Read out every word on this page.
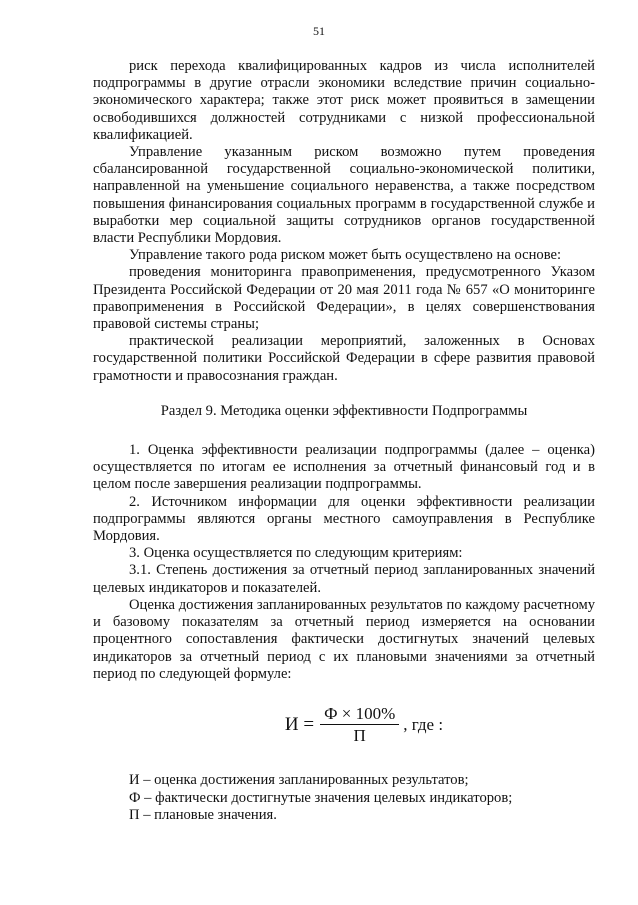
51

риск перехода квалифицированных кадров из числа исполнителей подпрограммы в другие отрасли экономики вследствие причин социально-экономического характера; также этот риск может проявиться в замещении освободившихся должностей сотрудниками с низкой профессиональной квалификацией.

Управление указанным риском возможно путем проведения сбалансированной государственной социально-экономической политики, направленной на уменьшение социального неравенства, а также посредством повышения финансирования социальных программ в государственной службе и выработки мер социальной защиты сотрудников органов государственной власти Республики Мордовия.

Управление такого рода риском может быть осуществлено на основе:

проведения мониторинга правоприменения, предусмотренного Указом Президента Российской Федерации от 20 мая 2011 года № 657 «О мониторинге правоприменения в Российской Федерации», в целях совершенствования правовой системы страны;

практической реализации мероприятий, заложенных в Основах государственной политики Российской Федерации в сфере развития правовой грамотности и правосознания граждан.

Раздел 9. Методика оценки эффективности Подпрограммы

1. Оценка эффективности реализации подпрограммы (далее – оценка) осуществляется по итогам ее исполнения за отчетный финансовый год и в целом после завершения реализации подпрограммы.

2. Источником информации для оценки эффективности реализации подпрограммы являются органы местного самоуправления в Республике Мордовия.

3. Оценка осуществляется по следующим критериям:

3.1. Степень достижения за отчетный период запланированных значений целевых индикаторов и показателей.

Оценка достижения запланированных результатов по каждому расчетному и базовому показателям за отчетный период измеряется на основании процентного сопоставления фактически достигнутых значений целевых индикаторов за отчетный период с их плановыми значениями за отчетный период по следующей формуле:

$И = \frac{Ф \times 100\%}{П}$ , где :

И – оценка достижения запланированных результатов;

Ф – фактически достигнутые значения целевых индикаторов;

П – плановые значения.
